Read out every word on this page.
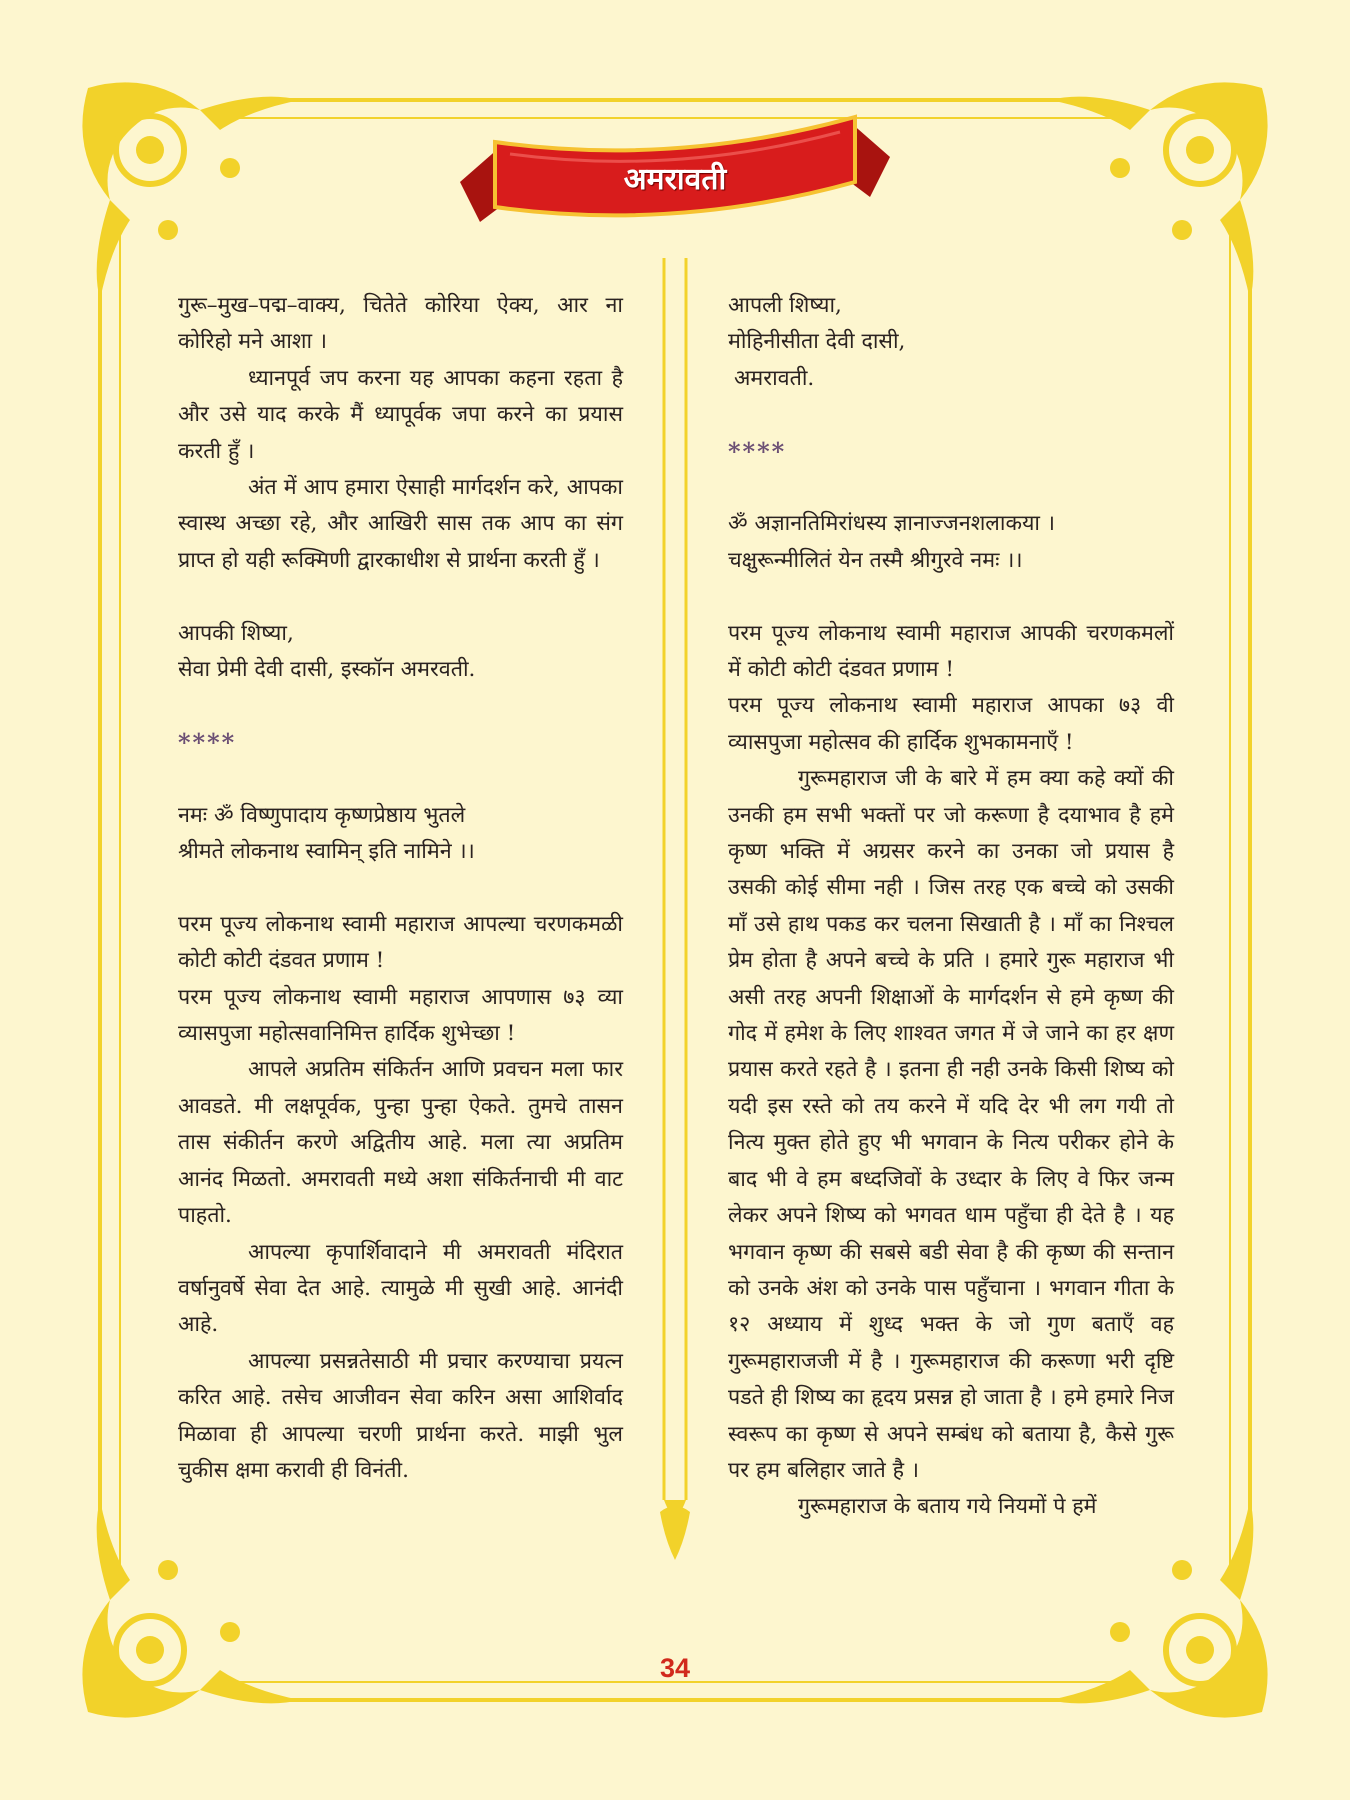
अमरावती

गुरू–मुख–पद्म–वाक्य, चितेते कोरिया ऐक्य, आर ना कोरिहो मने आशा ।

ध्यानपूर्व जप करना यह आपका कहना रहता है और उसे याद करके मैं ध्यापूर्वक जपा करने का प्रयास करती हुँ ।

अंत में आप हमारा ऐसाही मार्गदर्शन करे, आपका स्वास्थ अच्छा रहे, और आखिरी सास तक आप का संग प्राप्त हो यही रूक्मिणी द्वारकाधीश से प्रार्थना करती हुँ ।

आपकी शिष्या,

सेवा प्रेमी देवी दासी, इस्कॉन अमरवती.

****

नमः ॐ विष्णुपादाय कृष्णप्रेष्ठाय भुतले

श्रीमते लोकनाथ स्वामिन् इति नामिने ।।

परम पूज्य लोकनाथ स्वामी महाराज आपल्या चरणकमळी कोटी कोटी दंडवत प्रणाम !

परम पूज्य लोकनाथ स्वामी महाराज आपणास ७३ व्या व्यासपुजा महोत्सवानिमित्त हार्दिक शुभेच्छा !

आपले अप्रतिम संकिर्तन आणि प्रवचन मला फार आवडते. मी लक्षपूर्वक, पुन्हा पुन्हा ऐकते. तुमचे तासन तास संकीर्तन करणे अद्वितीय आहे. मला त्या अप्रतिम आनंद मिळतो. अमरावती मध्ये अशा संकिर्तनाची मी वाट पाहतो.

आपल्या कृपार्शिवादाने मी अमरावती मंदिरात वर्षानुवर्षे सेवा देत आहे. त्यामुळे मी सुखी आहे. आनंदी आहे.

आपल्या प्रसन्नतेसाठी मी प्रचार करण्याचा प्रयत्न करित आहे. तसेच आजीवन सेवा करिन असा आशिर्वाद मिळावा ही आपल्या चरणी प्रार्थना करते. माझी भुल चुकीस क्षमा करावी ही विनंती.

आपली शिष्या,

मोहिनीसीता देवी दासी,

अमरावती.

****

ॐ अज्ञानतिमिरांधस्य ज्ञानाज्जनशलाकया ।

चक्षुरून्मीलितं येन तस्मै श्रीगुरवे नमः ।।

परम पूज्य लोकनाथ स्वामी महाराज आपकी चरणकमलों में कोटी कोटी दंडवत प्रणाम !

परम पूज्य लोकनाथ स्वामी महाराज आपका ७३ वी व्यासपुजा महोत्सव की हार्दिक शुभकामनाएँ !

गुरूमहाराज जी के बारे में हम क्या कहे क्यों की उनकी हम सभी भक्तों पर जो करूणा है दयाभाव है हमे कृष्ण भक्ति में अग्रसर करने का उनका जो प्रयास है उसकी कोई सीमा नही । जिस तरह एक बच्चे को उसकी माँ उसे हाथ पकड कर चलना सिखाती है । माँ का निश्चल प्रेम होता है अपने बच्चे के प्रति । हमारे गुरू महाराज भी असी तरह अपनी शिक्षाओं के मार्गदर्शन से हमे कृष्ण की गोद में हमेश के लिए शाश्वत जगत में जे जाने का हर क्षण प्रयास करते रहते है । इतना ही नही उनके किसी शिष्य को यदी इस रस्ते को तय करने में यदि देर भी लग गयी तो नित्य मुक्त होते हुए भी भगवान के नित्य परीकर होने के बाद भी वे हम बध्दजिवों के उध्दार के लिए वे फिर जन्म लेकर अपने शिष्य को भगवत धाम पहुँचा ही देते है । यह भगवान कृष्ण की सबसे बडी सेवा है की कृष्ण की सन्तान को उनके अंश को उनके पास पहुँचाना । भगवान गीता के १२ अध्याय में शुध्द भक्त के जो गुण बताएँ वह गुरूमहाराजजी में है । गुरूमहाराज की करूणा भरी दृष्टि पडते ही शिष्य का हृदय प्रसन्न हो जाता है । हमे हमारे निज स्वरूप का कृष्ण से अपने सम्बंध को बताया है, कैसे गुरू पर हम बलिहार जाते है ।

गुरूमहाराज के बताय गये नियमों पे हमें

34
